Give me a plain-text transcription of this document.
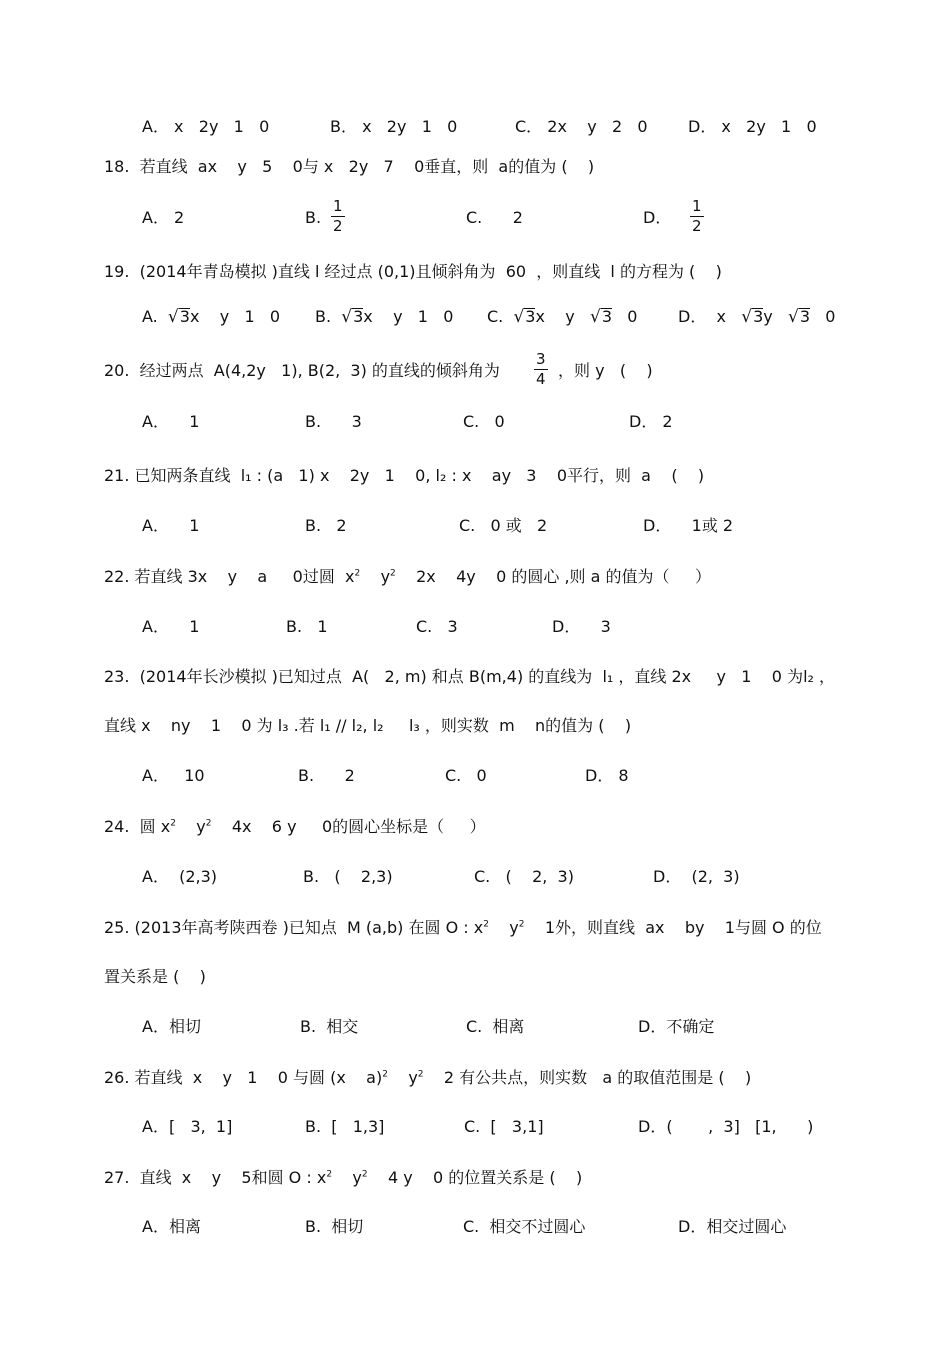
A． x   2y   1   0	B． x   2y   1   0	C． 2x    y   2   0	D． x   2y   1   0
18.  若直线  ax    y   5    0与 x   2y   7    0垂直，则  a的值为 (    )
A． 2	B.
1
2	C.      2	D．
1
2
19.  (2014年青岛模拟 )直线 l 经过点 (0,1)且倾斜角为  60  ，则直线  l 的方程为 (    )
A.  √3x    y   1   0 B.  √3x    y   1   0 C.  √3x    y   √3   0	D．  x   √3y   √3   0
20.  经过两点  A(4,2y   1), B(2,  3) 的直线的倾斜角为
3
4 ，则 y   (    )
A．    1	B.      3	C.   0	D． 2
21. 已知两条直线  l₁ : (a   1) x    2y   1    0, l₂ : x    ay   3    0平行，则  a    (    )
A．    1	B.   2	C.   0 或   2	D．    1或 2
22. 若直线 3x    y    a     0过圆  $x^2$    $y^2$    2x    4y    0 的圆心 ,则 a 的值为（     ）
A．    1	B.   1	C.   3	D．    3
23.  (2014年长沙模拟 )已知过点  A(   2, m) 和点 B(m,4) 的直线为  l₁ ，直线 2x     y   1    0 为l₂ ，
直线 x    ny    1    0 为 l₃ .若 l₁ // l₂, l₂     l₃ ，则实数  m    n的值为 (    )
A．   10	B.      2	C.   0	D． 8
24.  圆 $x^2$    $y^2$    4x    6 y     0的圆心坐标是（     ）
A．  (2,3)	B.   (    2,3)	C.   (    2,  3)	D．  (2,  3)
25. (2013年高考陕西卷 )已知点  M (a,b) 在圆 O : $x^2$    $y^2$    1外，则直线  ax    by    1与圆 O 的位
置关系是 (    )
A．相切	B.  相交	C.  相离	D．不确定
26. 若直线  x    y   1    0 与圆 (x    a)$^2$    $y^2$    2 有公共点，则实数   a 的取值范围是 (    )
A．[   3,  1]	B.  [   1,3]	C.  [   3,1]	D．(       ,  3]   [1,      )
27.  直线  x    y    5和圆 O : $x^2$    $y^2$    4 y    0 的位置关系是 (    )
A．相离	B.  相切	C.  相交不过圆心	D．相交过圆心
